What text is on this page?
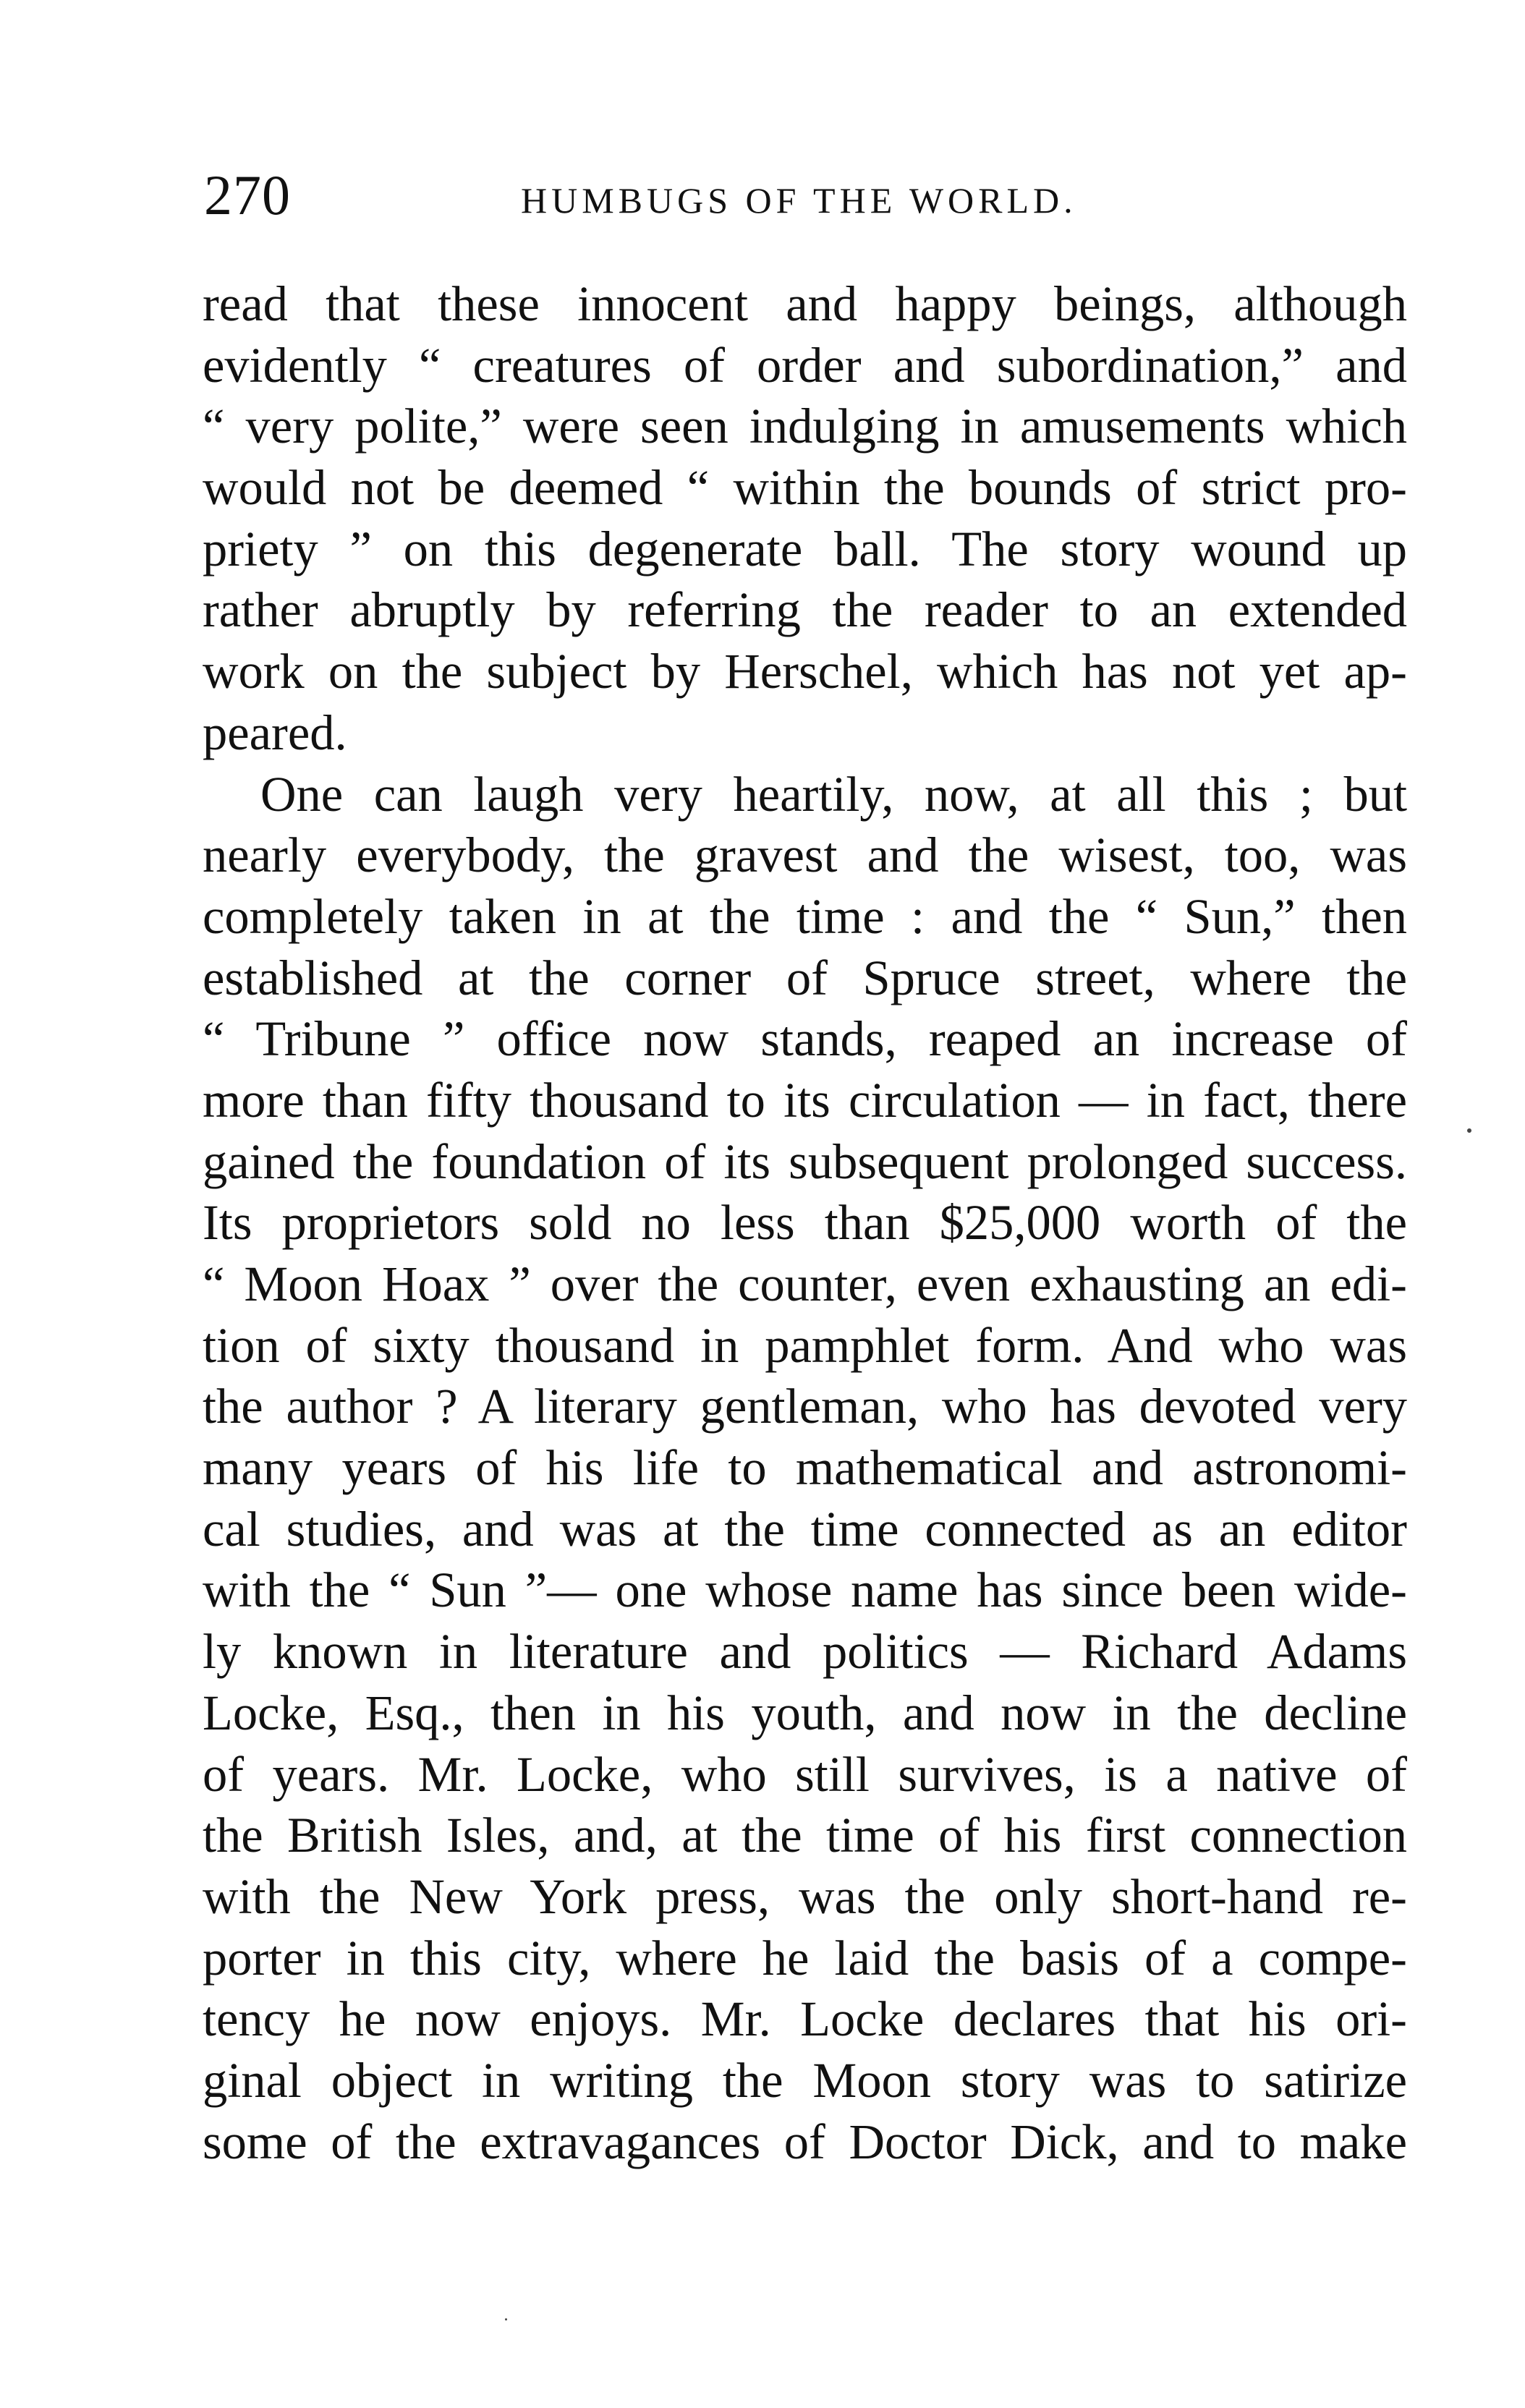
270	HUMBUGS OF THE WORLD.
read that these innocent and happy beings, although
evidently “ creatures of order and subordination,” and
“ very polite,” were seen indulging in amusements which
would not be deemed “ within the bounds of strict pro-
priety ” on this degenerate ball. The story wound up
rather abruptly by referring the reader to an extended
work on the subject by Herschel, which has not yet ap-
peared.
One can laugh very heartily, now, at all this ; but
nearly everybody, the gravest and the wisest, too, was
completely taken in at the time : and the “ Sun,” then
established at the corner of Spruce street, where the
“ Tribune ” office now stands, reaped an increase of
more than fifty thousand to its circulation — in fact, there
gained the foundation of its subsequent prolonged success.
Its proprietors sold no less than $25,000 worth of the
“ Moon Hoax ” over the counter, even exhausting an edi-
tion of sixty thousand in pamphlet form. And who was
the author ? A literary gentleman, who has devoted very
many years of his life to mathematical and astronomi-
cal studies, and was at the time connected as an editor
with the “ Sun ”— one whose name has since been wide-
ly known in literature and politics — Richard Adams
Locke, Esq., then in his youth, and now in the decline
of years. Mr. Locke, who still survives, is a native of
the British Isles, and, at the time of his first connection
with the New York press, was the only short-hand re-
porter in this city, where he laid the basis of a compe-
tency he now enjoys. Mr. Locke declares that his ori-
ginal object in writing the Moon story was to satirize
some of the extravagances of Doctor Dick, and to make
